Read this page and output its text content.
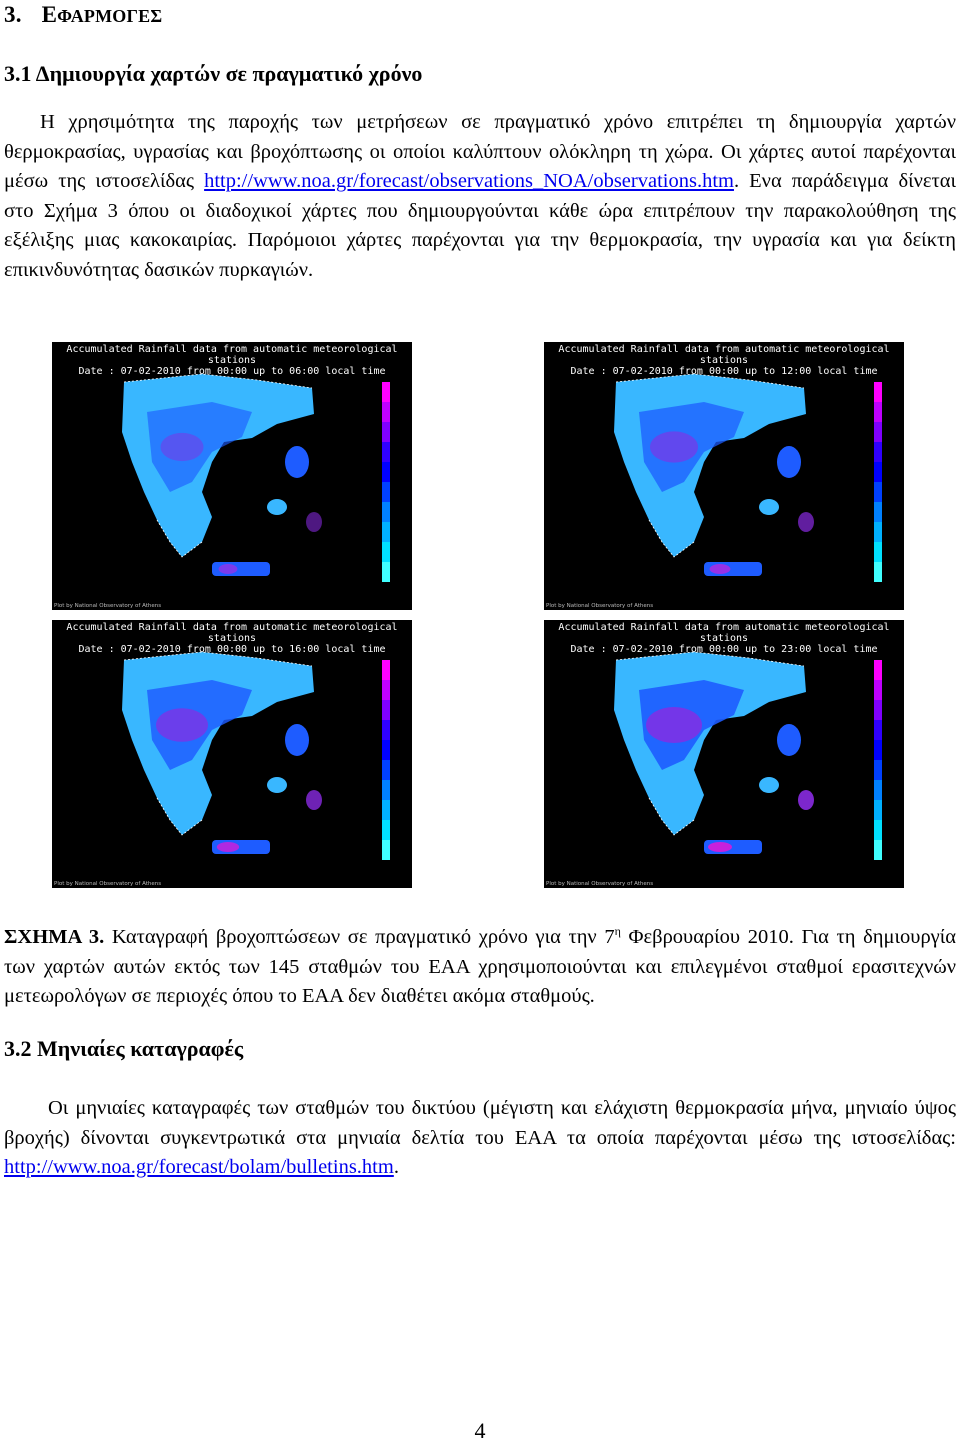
3. ΕΦΑΡΜΟΓΕΣ
3.1 Δημιουργία χαρτών σε πραγματικό χρόνο
Η χρησιμότητα της παροχής των μετρήσεων σε πραγματικό χρόνο επιτρέπει τη δημιουργία χαρτών θερμοκρασίας, υγρασίας και βροχόπτωσης οι οποίοι καλύπτουν ολόκληρη τη χώρα. Οι χάρτες αυτοί παρέχονται μέσω της ιστοσελίδας http://www.noa.gr/forecast/observations_NOA/observations.htm. Ενα παράδειγμα δίνεται στο Σχήμα 3 όπου οι διαδοχικοί χάρτες που δημιουργούνται κάθε ώρα επιτρέπουν την παρακολούθηση της εξέλιξης μιας κακοκαιρίας. Παρόμοιοι χάρτες παρέχονται για την θερμοκρασία, την υγρασία και για δείκτη επικινδυνότητας δασικών πυρκαγιών.
Accumulated Rainfall data from automatic meteorological stations
Date : 07-02-2010 from 00:00 up to 06:00 local time
Plot by National Observatory of Athens
Accumulated Rainfall data from automatic meteorological stations
Date : 07-02-2010 from 00:00 up to 12:00 local time
Plot by National Observatory of Athens
Accumulated Rainfall data from automatic meteorological stations
Date : 07-02-2010 from 00:00 up to 16:00 local time
Plot by National Observatory of Athens
Accumulated Rainfall data from automatic meteorological stations
Date : 07-02-2010 from 00:00 up to 23:00 local time
Plot by National Observatory of Athens
ΣΧΗΜΑ 3. Καταγραφή βροχοπτώσεων σε πραγματικό χρόνο για την $7^\eta$ Φεβρουαρίου 2010. Για τη δημιουργία των χαρτών αυτών εκτός των 145 σταθμών του ΕΑΑ χρησιμοποιούνται και επιλεγμένοι σταθμοί ερασιτεχνών μετεωρολόγων σε περιοχές όπου το ΕΑΑ δεν διαθέτει ακόμα σταθμούς.
3.2 Μηνιαίες καταγραφές
Οι μηνιαίες καταγραφές των σταθμών του δικτύου (μέγιστη και ελάχιστη θερμοκρασία μήνα, μηνιαίο ύψος βροχής) δίνονται συγκεντρωτικά στα μηνιαία δελτία του ΕΑΑ τα οποία παρέχονται μέσω της ιστοσελίδας: http://www.noa.gr/forecast/bolam/bulletins.htm.
4
